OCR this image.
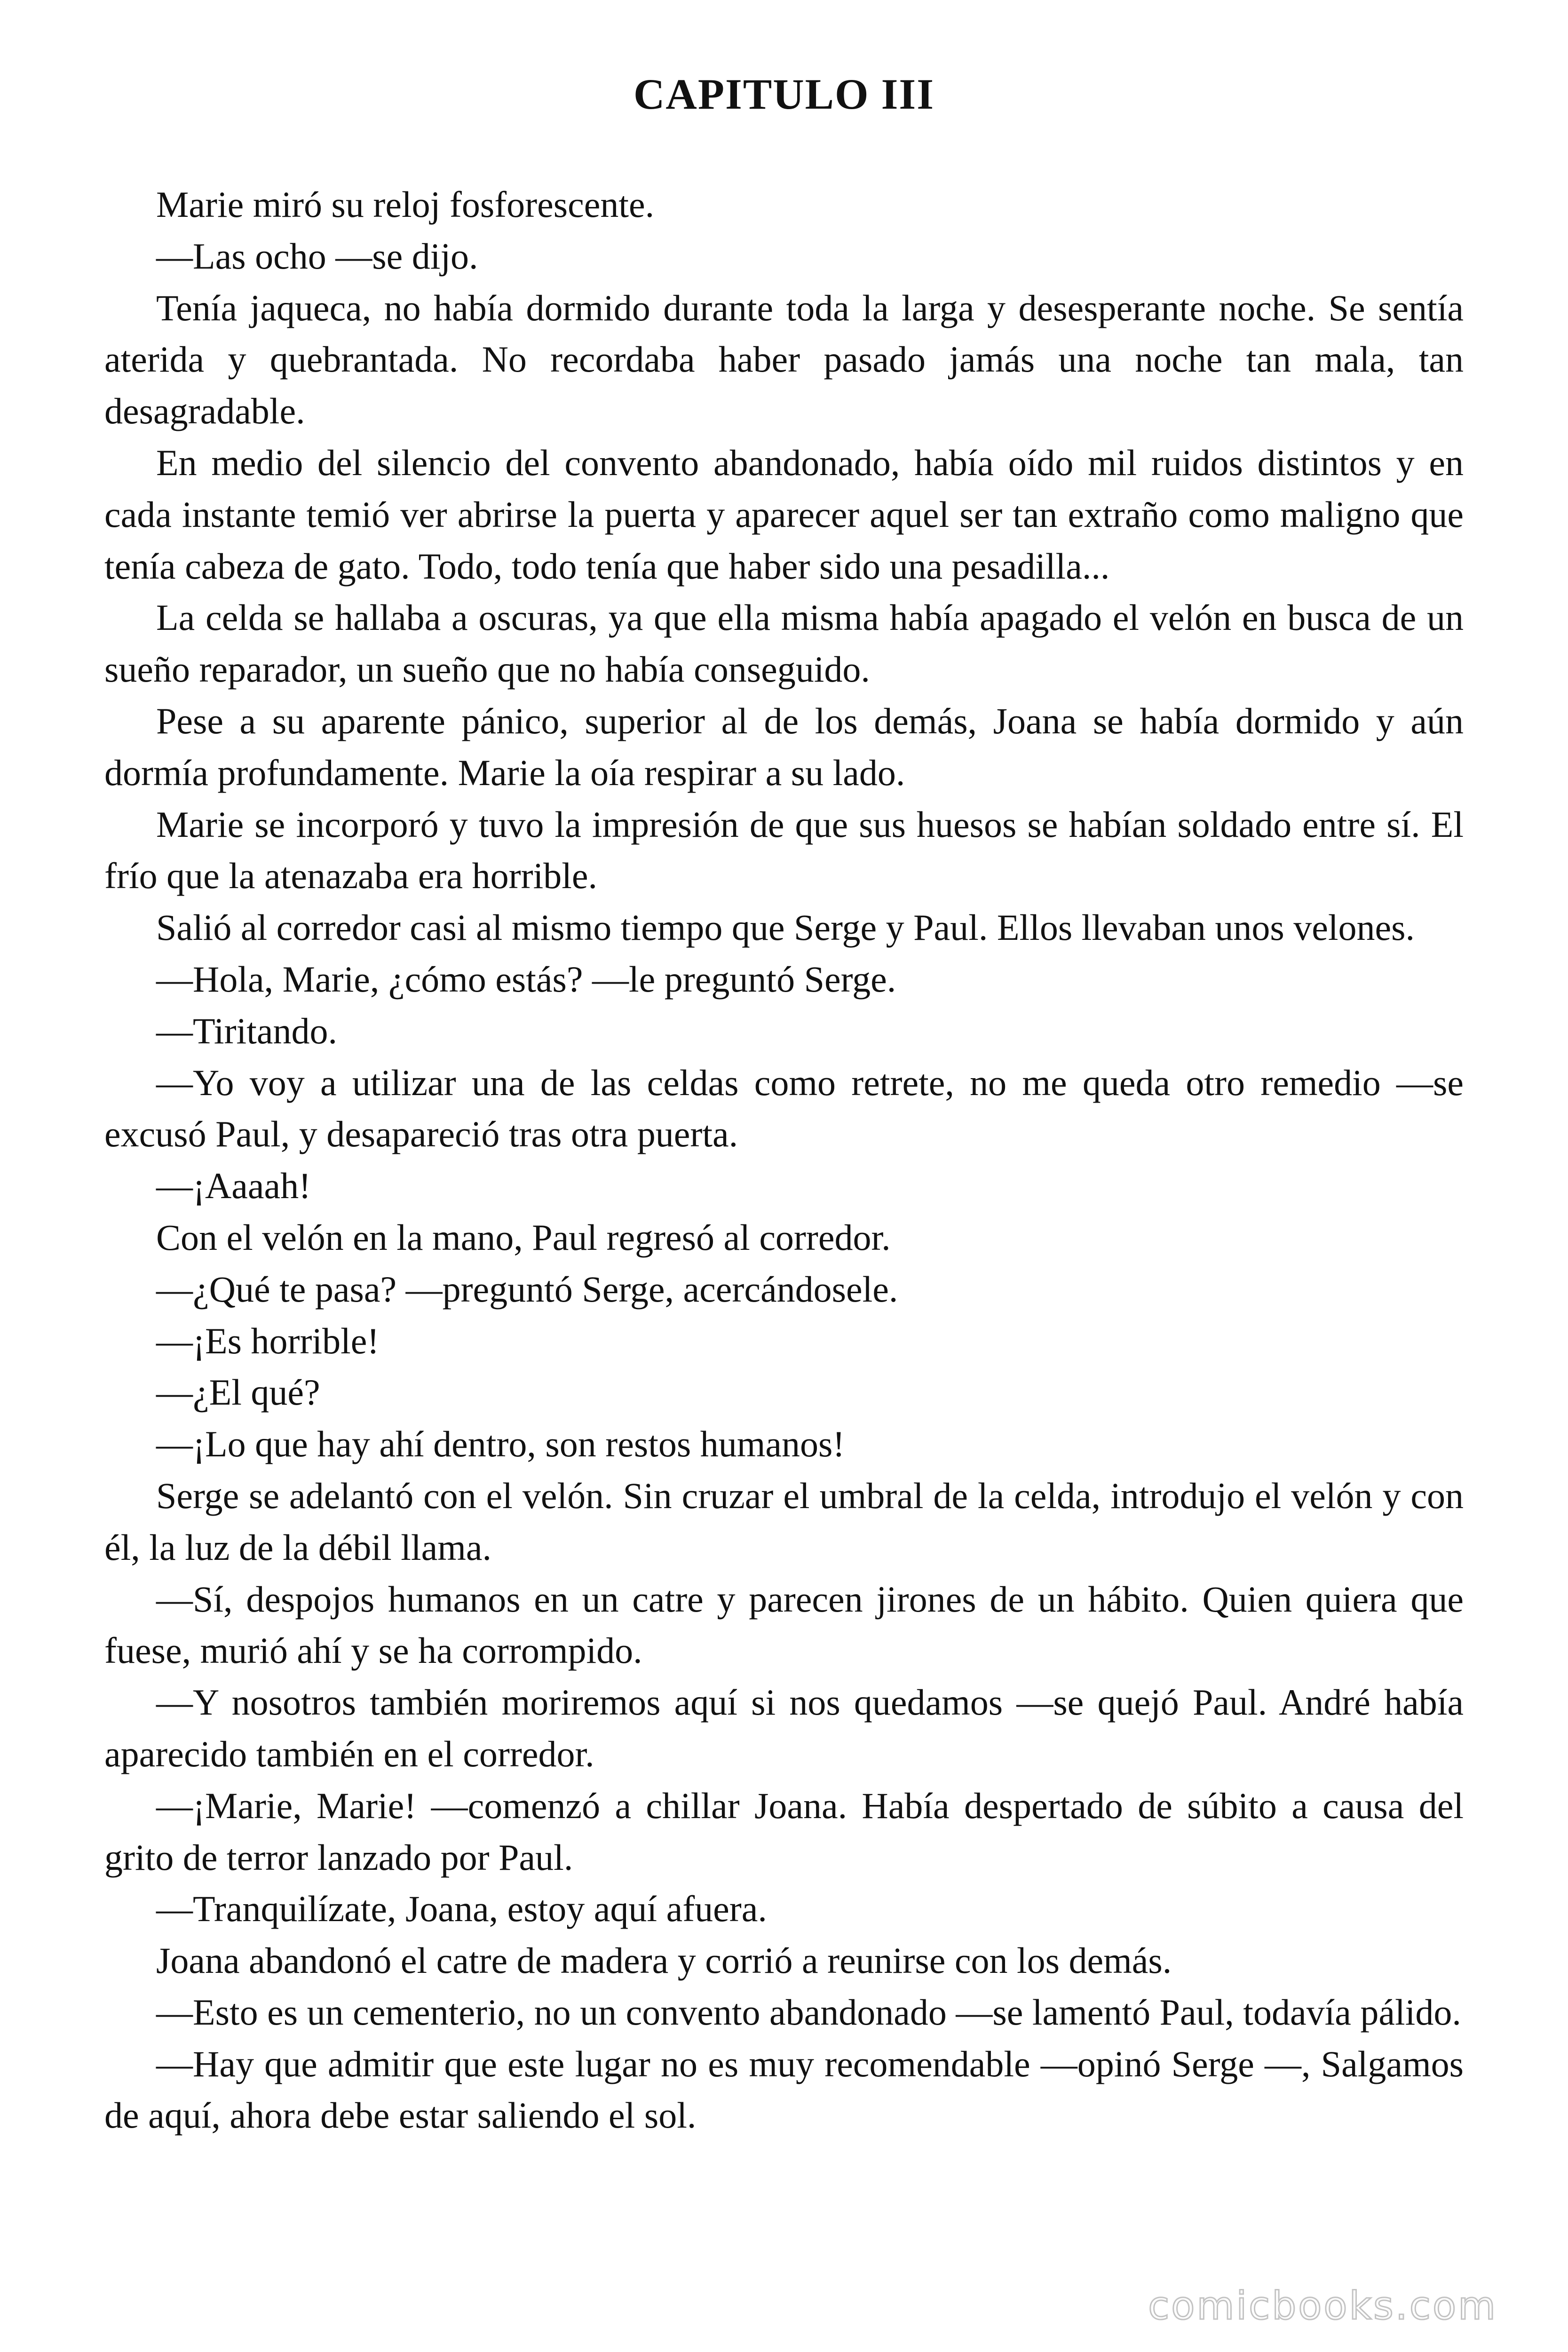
CAPITULO III

Marie miró su reloj fosforescente.

—Las ocho —se dijo.

Tenía jaqueca, no había dormido durante toda la larga y desesperante noche. Se sentía aterida y quebrantada. No recordaba haber pasado jamás una noche tan mala, tan desagradable.

En medio del silencio del convento abandonado, había oído mil ruidos distintos y en cada instante temió ver abrirse la puerta y aparecer aquel ser tan extraño como maligno que tenía cabeza de gato. Todo, todo tenía que haber sido una pesadilla...

La celda se hallaba a oscuras, ya que ella misma había apagado el velón en busca de un sueño reparador, un sueño que no había conseguido.

Pese a su aparente pánico, superior al de los demás, Joana se había dormido y aún dormía profundamente. Marie la oía respirar a su lado.

Marie se incorporó y tuvo la impresión de que sus huesos se habían soldado entre sí. El frío que la atenazaba era horrible.

Salió al corredor casi al mismo tiempo que Serge y Paul. Ellos llevaban unos velones.

—Hola, Marie, ¿cómo estás? —le preguntó Serge.

—Tiritando.

—Yo voy a utilizar una de las celdas como retrete, no me queda otro remedio —se excusó Paul, y desapareció tras otra puerta.

—¡Aaaah!

Con el velón en la mano, Paul regresó al corredor.

—¿Qué te pasa? —preguntó Serge, acercándosele.

—¡Es horrible!

—¿El qué?

—¡Lo que hay ahí dentro, son restos humanos!

Serge se adelantó con el velón. Sin cruzar el umbral de la celda, introdujo el velón y con él, la luz de la débil llama.

—Sí, despojos humanos en un catre y parecen jirones de un hábito. Quien quiera que fuese, murió ahí y se ha corrompido.

—Y nosotros también moriremos aquí si nos quedamos —se quejó Paul. André había aparecido también en el corredor.

—¡Marie, Marie! —comenzó a chillar Joana. Había despertado de súbito a causa del grito de terror lanzado por Paul.

—Tranquilízate, Joana, estoy aquí afuera.

Joana abandonó el catre de madera y corrió a reunirse con los demás.

—Esto es un cementerio, no un convento abandonado —se lamentó Paul, todavía pálido.

—Hay que admitir que este lugar no es muy recomendable —opinó Serge —, Salgamos de aquí, ahora debe estar saliendo el sol.

comicbooks.com
